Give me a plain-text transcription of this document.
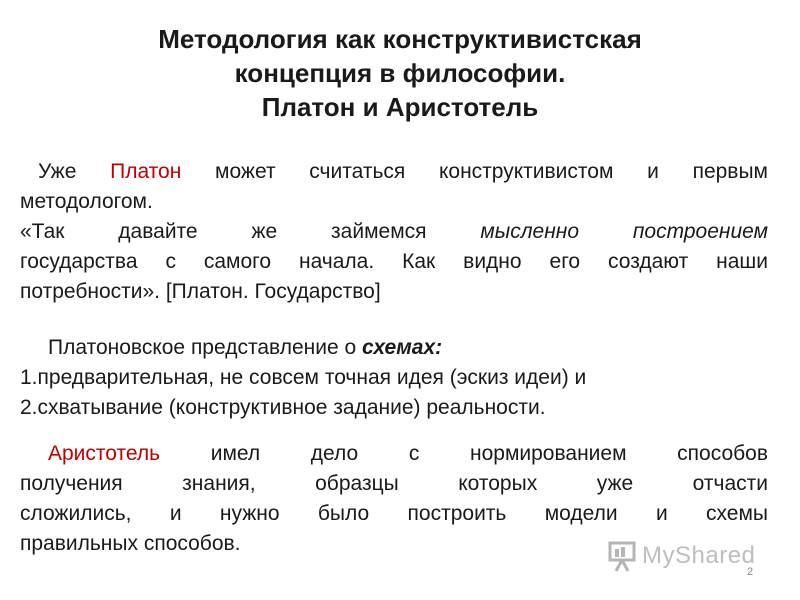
Методология как конструктивистская
концепция в философии.
Платон и Аристотель
Уже Платон может считаться конструктивистом и первым
методологом.
«Так давайте же займемся мысленно построением
государства с самого начала. Как видно его создают наши
потребности». [Платон. Государство]
Платоновское представление о схемах:
1.предварительная, не совсем точная идея (эскиз идеи) и
2.схватывание (конструктивное задание) реальности.
Аристотель имел дело с нормированием способов
получения знания, образцы которых уже отчасти
сложились, и нужно было построить модели и схемы
правильных способов.	MyShared
2
